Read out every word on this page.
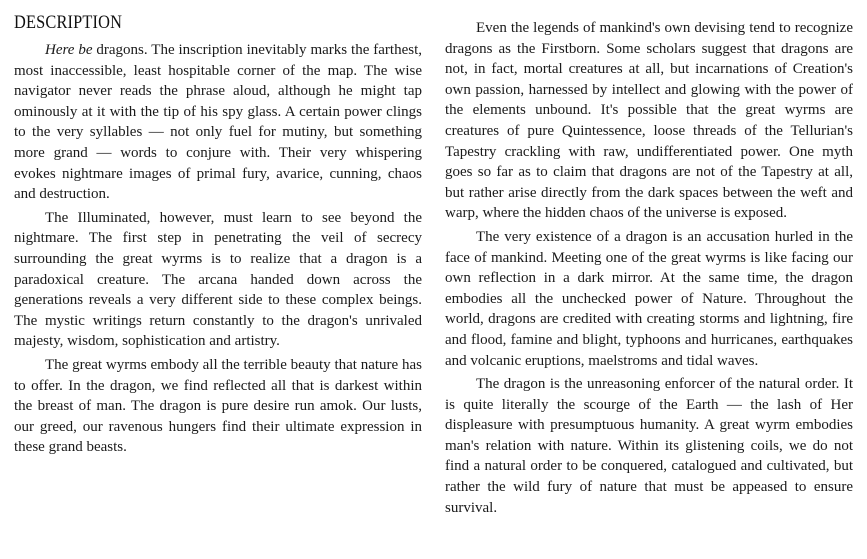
DESCRIPTION

Here be dragons. The inscription inevitably marks the farthest, most inaccessible, least hospitable corner of the map. The wise navigator never reads the phrase aloud, although he might tap ominously at it with the tip of his spy glass. A certain power clings to the very syllables — not only fuel for mutiny, but something more grand — words to conjure with. Their very whispering evokes nightmare images of primal fury, avarice, cunning, chaos and destruction.

The Illuminated, however, must learn to see beyond the nightmare. The first step in penetrating the veil of secrecy surrounding the great wyrms is to realize that a dragon is a paradoxical creature. The arcana handed down across the generations reveals a very different side to these complex beings. The mystic writings return constantly to the dragon's unrivaled majesty, wisdom, sophistication and artistry.

The great wyrms embody all the terrible beauty that nature has to offer. In the dragon, we find reflected all that is darkest within the breast of man. The dragon is pure desire run amok. Our lusts, our greed, our ravenous hungers find their ultimate expression in these grand beasts.

Even the legends of mankind's own devising tend to recognize dragons as the Firstborn. Some scholars suggest that dragons are not, in fact, mortal creatures at all, but incarnations of Creation's own passion, harnessed by intellect and glowing with the power of the elements unbound. It's possible that the great wyrms are creatures of pure Quintessence, loose threads of the Tellurian's Tapestry crackling with raw, undifferentiated power. One myth goes so far as to claim that dragons are not of the Tapestry at all, but rather arise directly from the dark spaces between the weft and warp, where the hidden chaos of the universe is exposed.

The very existence of a dragon is an accusation hurled in the face of mankind. Meeting one of the great wyrms is like facing our own reflection in a dark mirror. At the same time, the dragon embodies all the unchecked power of Nature. Throughout the world, dragons are credited with creating storms and lightning, fire and flood, famine and blight, typhoons and hurricanes, earthquakes and volcanic eruptions, maelstroms and tidal waves.

The dragon is the unreasoning enforcer of the natural order. It is quite literally the scourge of the Earth — the lash of Her displeasure with presumptuous humanity. A great wyrm embodies man's relation with nature. Within its glistening coils, we do not find a natural order to be conquered, catalogued and cultivated, but rather the wild fury of nature that must be appeased to ensure survival.
